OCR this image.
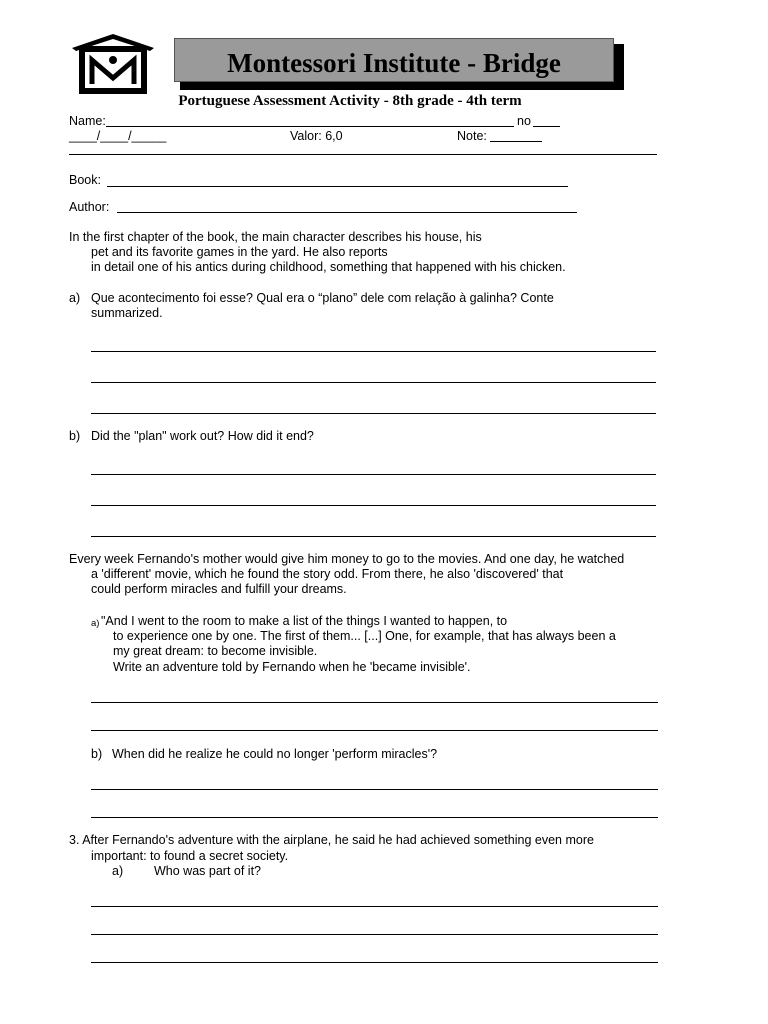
Montessori Institute - Bridge
Portuguese Assessment Activity - 8th grade - 4th term
Name:	no
____/____/_____	Valor: 6,0	Note:
Book:
Author:
In the first chapter of the book, the main character describes his house, his
pet and its favorite games in the yard. He also reports
in detail one of his antics during childhood, something that happened with his chicken.
a) Que acontecimento foi esse? Qual era o “plano” dele com relação à galinha? Conte
summarized.
b) Did the "plan" work out? How did it end?
Every week Fernando's mother would give him money to go to the movies. And one day, he watched
a 'different' movie, which he found the story odd. From there, he also 'discovered' that
could perform miracles and fulfill your dreams.
a) "And I went to the room to make a list of the things I wanted to happen, to
to experience one by one. The first of them... [...] One, for example, that has always been a
my great dream: to become invisible.
Write an adventure told by Fernando when he 'became invisible'.
b) When did he realize he could no longer 'perform miracles'?
3. After Fernando's adventure with the airplane, he said he had achieved something even more
important: to found a secret society.
a) Who was part of it?
